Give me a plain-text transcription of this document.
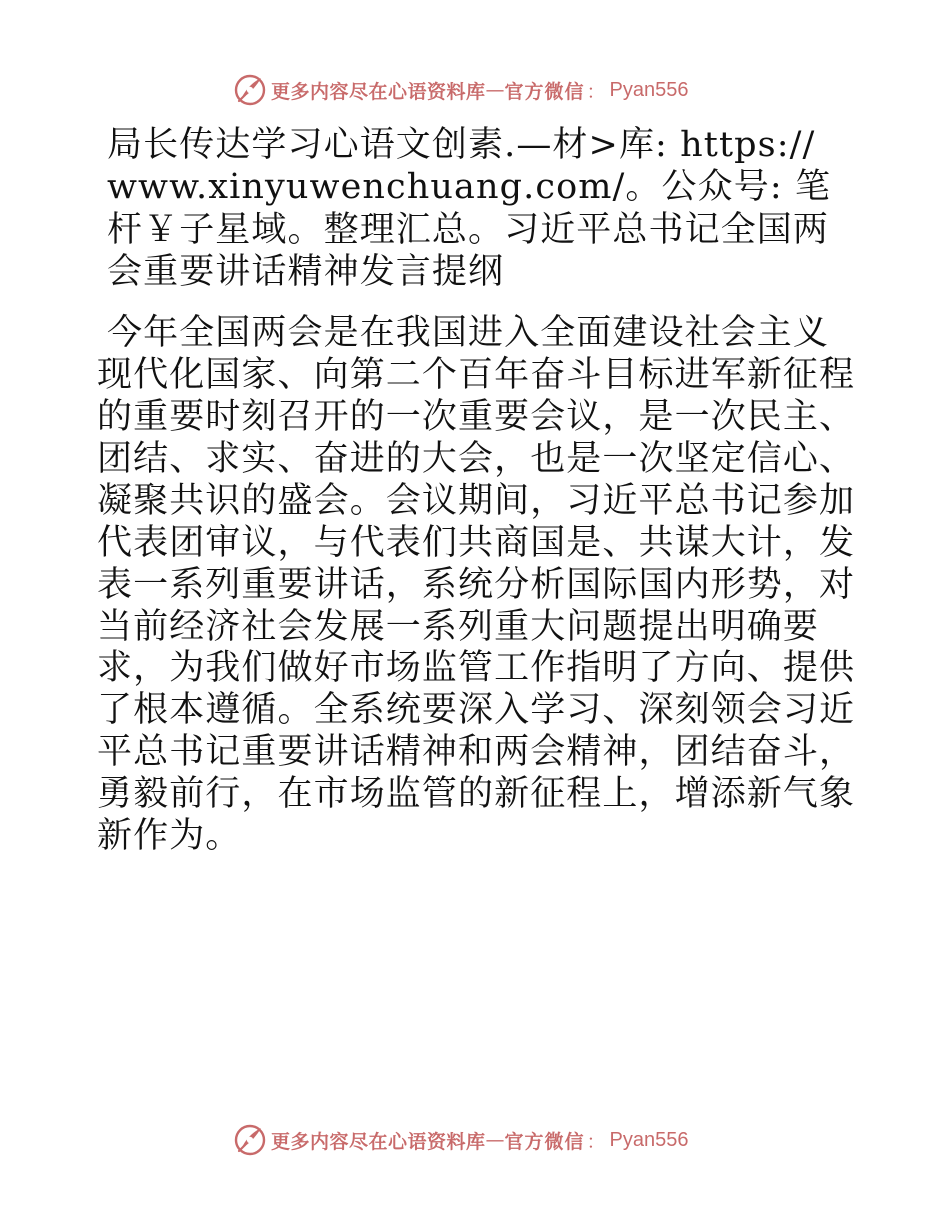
更多内容尽在心语资料库 — 官方微信 ： Pyan556

局长传达学习心语文创素.—材>库: https:// www.xinyuwenchuang.com/。公众号: 笔杆￥子星域。整理汇总。习近平总书记全国两会重要讲话精神发言提纲

今年全国两会是在我国进入全面建设社会主义现代化国家、向第二个百年奋斗目标进军新征程的重要时刻召开的一次重要会议，是一次民主、团结、求实、奋进的大会，也是一次坚定信心、凝聚共识的盛会。会议期间，习近平总书记参加代表团审议，与代表们共商国是、共谋大计，发表一系列重要讲话，系统分析国际国内形势，对当前经济社会发展一系列重大问题提出明确要求，为我们做好市场监管工作指明了方向、提供了根本遵循。全系统要深入学习、深刻领会习近平总书记重要讲话精神和两会精神，团结奋斗，勇毅前行，在市场监管的新征程上，增添新气象新作为。

更多内容尽在心语资料库 — 官方微信 ： Pyan556
